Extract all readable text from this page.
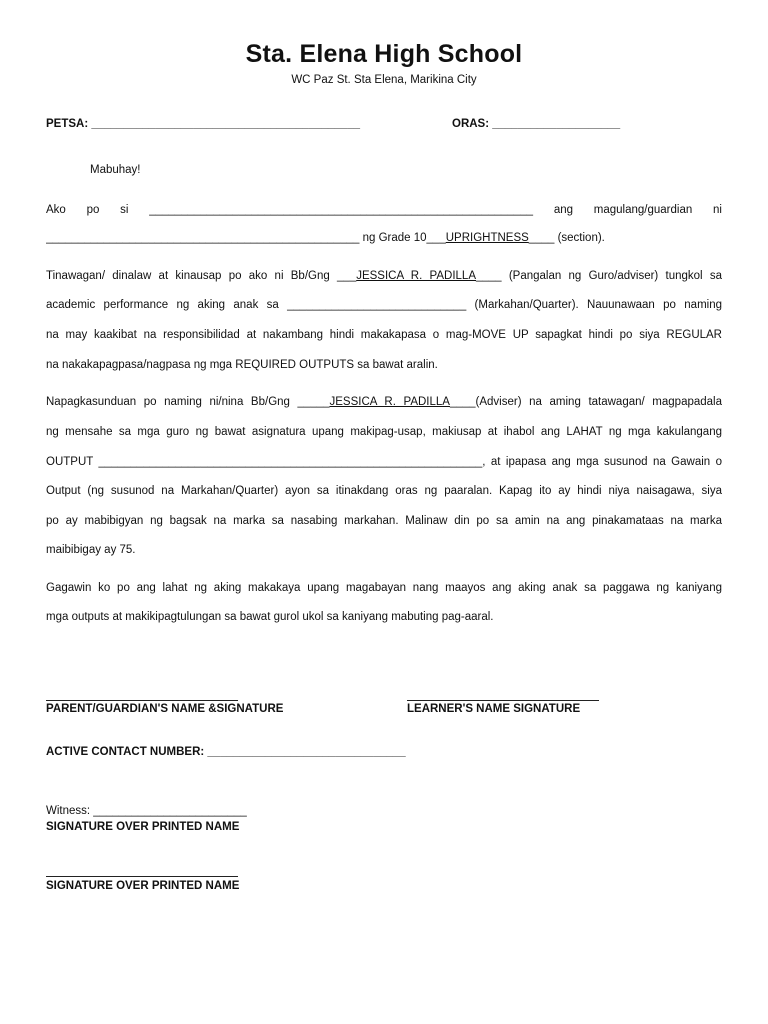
Sta. Elena High School
WC Paz St. Sta Elena, Marikina City
PETSA: __________________________________________	ORAS: ____________________
Mabuhay!
Ako po si ____________________________________________________________ ang magulang/guardian ni
_________________________________________________ ng Grade 10___UPRIGHTNESS____ (section).
Tinawagan/ dinalaw at kinausap po ako ni Bb/Gng ___JESSICA R. PADILLA____ (Pangalan ng Guro/adviser) tungkol sa
academic performance ng aking anak sa ____________________________ (Markahan/Quarter). Nauunawaan po naming
na may kaakibat na responsibilidad at nakambang hindi makakapasa o mag-MOVE UP sapagkat hindi po siya REGULAR
na nakakapagpasa/nagpasa ng mga REQUIRED OUTPUTS sa bawat aralin.
Napagkasunduan po naming ni/nina Bb/Gng _____JESSICA R. PADILLA____(Adviser) na aming tatawagan/ magpapadala
ng mensahe sa mga guro ng bawat asignatura upang makipag-usap, makiusap at ihabol ang LAHAT ng mga kakulangang
OUTPUT ____________________________________________________________, at ipapasa ang mga susunod na Gawain o
Output (ng susunod na Markahan/Quarter) ayon sa itinakdang oras ng paaralan. Kapag ito ay hindi niya naisagawa, siya
po ay mabibigyan ng bagsak na marka sa nasabing markahan. Malinaw din po sa amin na ang pinakamataas na marka
maibibigay ay 75.
Gagawin ko po ang lahat ng aking makakaya upang magabayan nang maayos ang aking anak sa paggawa ng kaniyang
mga outputs at makikipagtulungan sa bawat gurol ukol sa kaniyang mabuting pag-aaral.
PARENT/GUARDIAN'S NAME &SIGNATURE	LEARNER'S NAME SIGNATURE
ACTIVE CONTACT NUMBER: _______________________________
Witness: ________________________
SIGNATURE OVER PRINTED NAME
SIGNATURE OVER PRINTED NAME
